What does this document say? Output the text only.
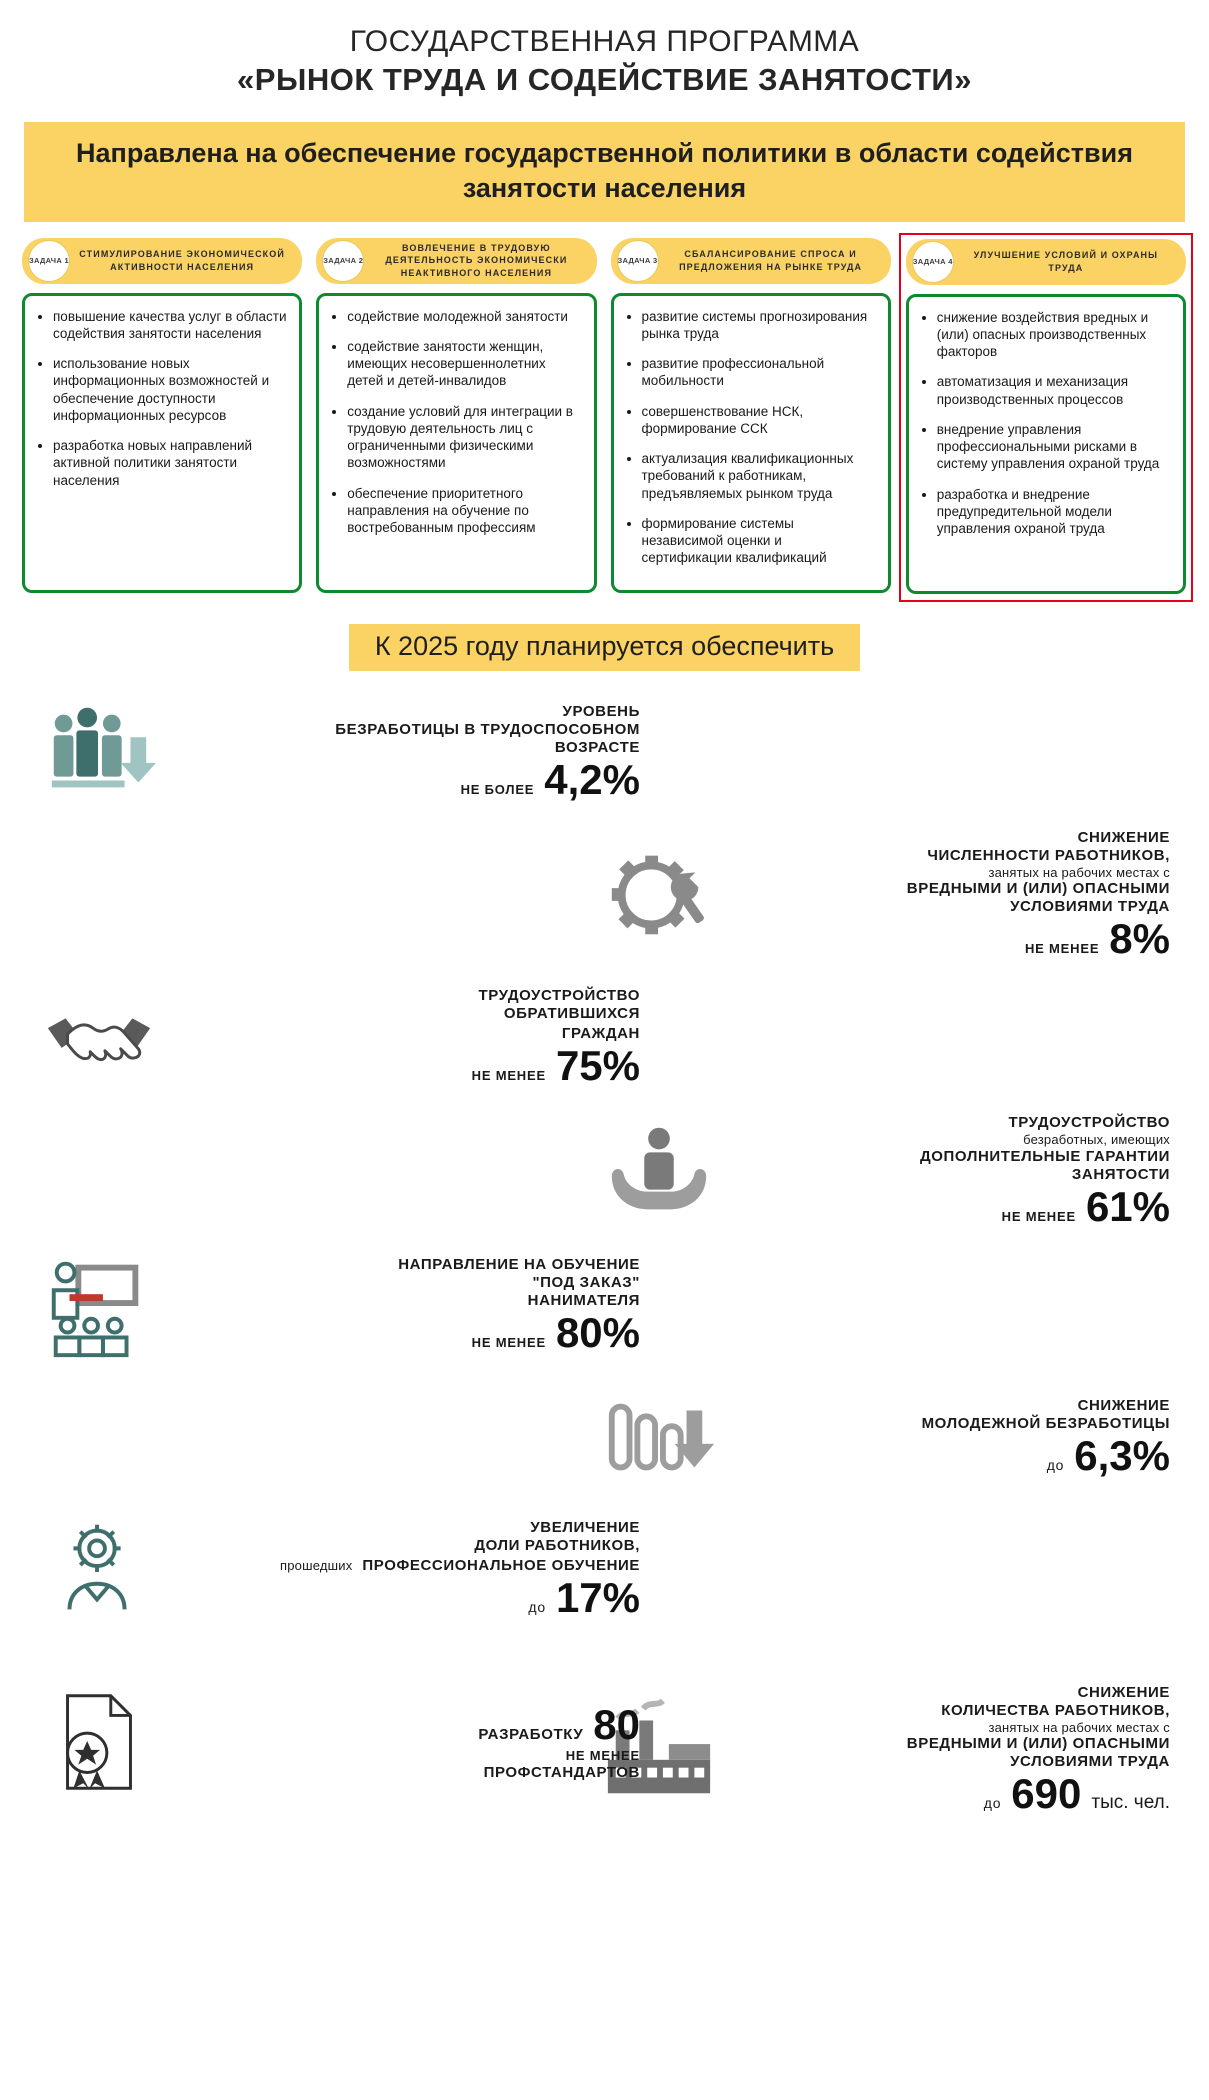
ГОСУДАРСТВЕННАЯ ПРОГРАММА
«РЫНОК ТРУДА И СОДЕЙСТВИЕ ЗАНЯТОСТИ»
Направлена на обеспечение государственной политики в области содействия занятости населения
ЗАДАЧА 1
СТИМУЛИРОВАНИЕ ЭКОНОМИЧЕСКОЙ АКТИВНОСТИ НАСЕЛЕНИЯ
• повышение качества услуг в области содействия занятости населения
• использование новых информационных возможностей и обеспечение доступности информационных ресурсов
• разработка новых направлений активной политики занятости населения
ЗАДАЧА 2
ВОВЛЕЧЕНИЕ В ТРУДОВУЮ ДЕЯТЕЛЬНОСТЬ ЭКОНОМИЧЕСКИ НЕАКТИВНОГО НАСЕЛЕНИЯ
• содействие молодежной занятости
• содействие занятости женщин, имеющих несовершеннолетних детей и детей-инвалидов
• создание условий для интеграции в трудовую деятельность лиц с ограниченными физическими возможностями
• обеспечение приоритетного направления на обучение по востребованным профессиям
ЗАДАЧА 3
СБАЛАНСИРОВАНИЕ СПРОСА И ПРЕДЛОЖЕНИЯ НА РЫНКЕ ТРУДА
• развитие системы прогнозирования рынка труда
• развитие профессиональной мобильности
• совершенствование НСК, формирование ССК
• актуализация квалификационных требований к работникам, предъявляемых рынком труда
• формирование системы независимой оценки и сертификации квалификаций
ЗАДАЧА 4
УЛУЧШЕНИЕ УСЛОВИЙ И ОХРАНЫ ТРУДА
• снижение воздействия вредных и (или) опасных производственных факторов
• автоматизация и механизация производственных процессов
• внедрение управления профессиональными рисками в систему управления охраной труда
• разработка и внедрение предупредительной модели управления охраной труда
К 2025 году планируется обеспечить
УРОВЕНЬ
БЕЗРАБОТИЦЫ В ТРУДОСПОСОБНОМ
ВОЗРАСТЕ
НЕ БОЛЕЕ 4,2%
СНИЖЕНИЕ
ЧИСЛЕННОСТИ РАБОТНИКОВ,
занятых на рабочих местах с
ВРЕДНЫМИ И (ИЛИ) ОПАСНЫМИ
УСЛОВИЯМИ ТРУДА
НЕ МЕНЕЕ 8%
ТРУДОУСТРОЙСТВО
ОБРАТИВШИХСЯ
ГРАЖДАН
НЕ МЕНЕЕ 75%
ТРУДОУСТРОЙСТВО
безработных, имеющих
ДОПОЛНИТЕЛЬНЫЕ ГАРАНТИИ
ЗАНЯТОСТИ
НЕ МЕНЕЕ 61%
НАПРАВЛЕНИЕ НА ОБУЧЕНИЕ
"ПОД ЗАКАЗ"
НАНИМАТЕЛЯ
НЕ МЕНЕЕ 80%
СНИЖЕНИЕ
МОЛОДЕЖНОЙ БЕЗРАБОТИЦЫ
до 6,3%
УВЕЛИЧЕНИЕ
ДОЛИ РАБОТНИКОВ,
прошедших ПРОФЕССИОНАЛЬНОЕ ОБУЧЕНИЕ
до 17%
СНИЖЕНИЕ
КОЛИЧЕСТВА РАБОТНИКОВ,
занятых на рабочих местах с
ВРЕДНЫМИ И (ИЛИ) ОПАСНЫМИ
УСЛОВИЯМИ ТРУДА
до 690 тыс. чел.
РАЗРАБОТКУ 80
НЕ МЕНЕЕ
ПРОФСТАНДАРТОВ
